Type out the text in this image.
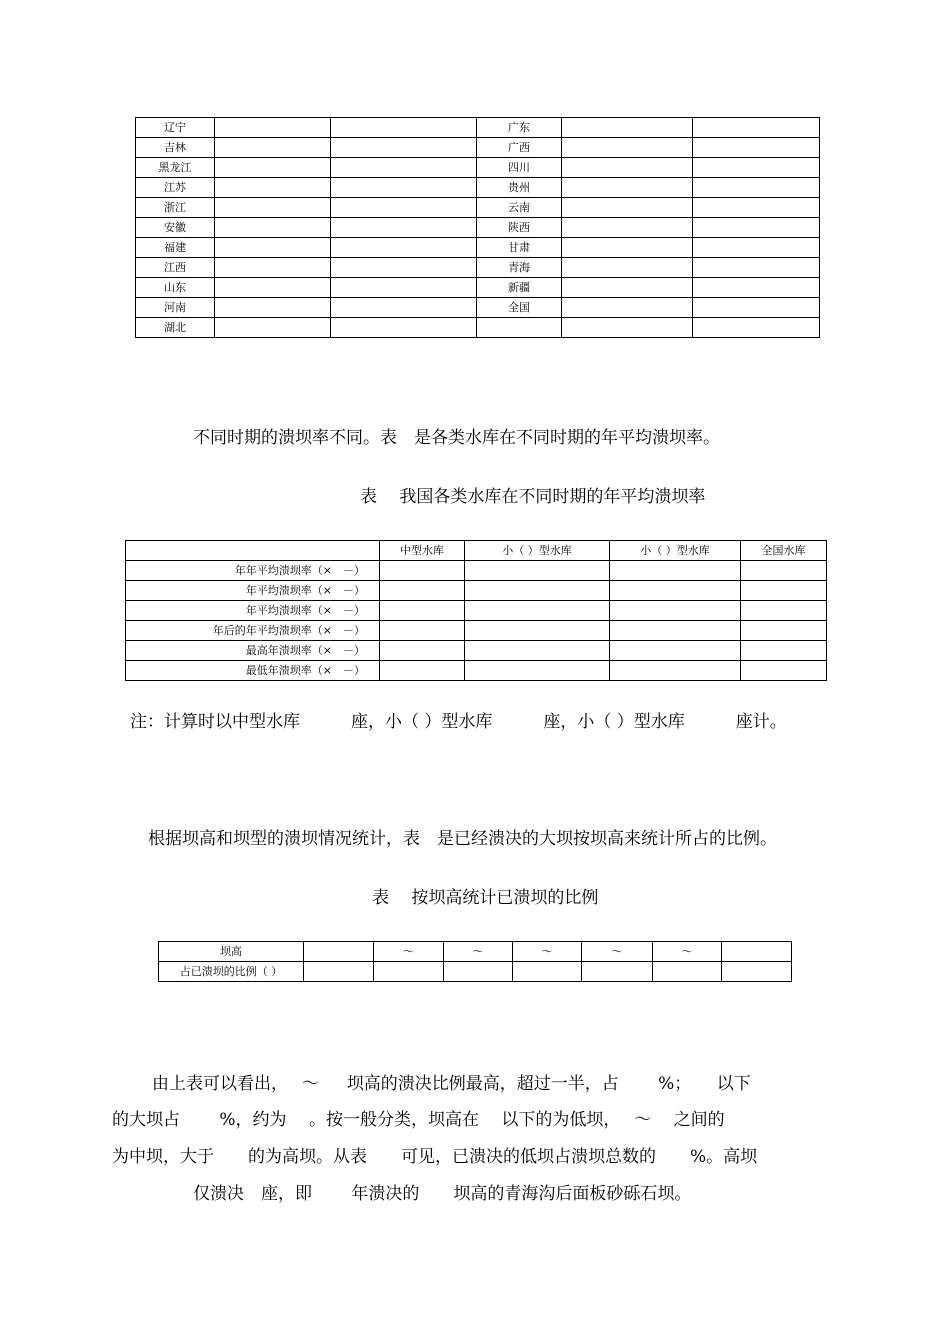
辽宁			广东		
吉林			广西		
黑龙江			四川		
江苏			贵州		
浙江			云南		
安徽			陕西		
福建			甘肃		
江西			青海		
山东			新疆		
河南			全国		
湖北					
不同时期的溃坝率不同。表　是各类水库在不同时期的年平均溃坝率。
表　 我国各类水库在不同时期的年平均溃坝率
	中型水库	小（ ）型水库	小（ ）型水库	全国水库
年年平均溃坝率（×　－）				
年平均溃坝率（×　－）				
年平均溃坝率（×　－）				
年后的年平均溃坝率（×　－）				
最高年溃坝率（×　－）				
最低年溃坝率（×　－）				
注：计算时以中型水库　　　座，小（ ）型水库　　　座，小（ ）型水库　　　座计。
根据坝高和坝型的溃坝情况统计，表　是已经溃决的大坝按坝高来统计所占的比例。
表　 按坝高统计已溃坝的比例
坝高		～	～	～	～	～	
占已溃坝的比例（ ）							
由上表可以看出，　 ～ 　 坝高的溃决比例最高，超过一半，占　　 %；　　以下
的大坝占　　 %，约为　 。按一般分类，坝高在　 以下的为低坝，　 ～　 之间的
为中坝，大于　　的为高坝。从表　　可见，已溃决的低坝占溃坝总数的　　%。高坝
仅溃决　座，即　　 年溃决的　　坝高的青海沟后面板砂砾石坝。
